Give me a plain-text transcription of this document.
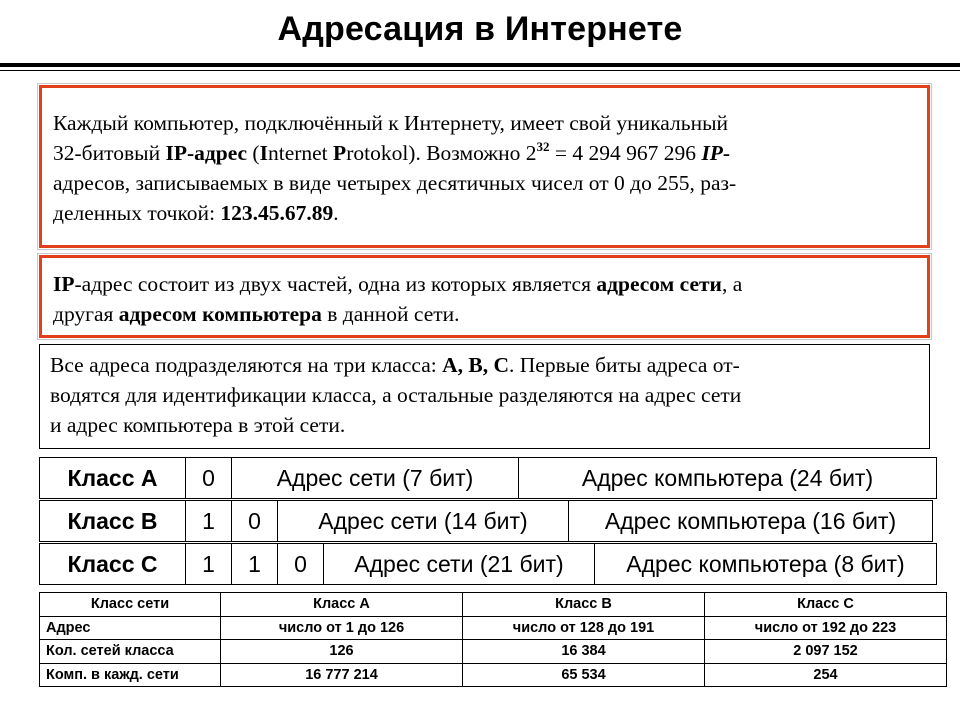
Адресация в Интернете
Каждый компьютер, подключённый к Интернету, имеет свой уникальный
32-битовый IP-адрес (Internet Protokol). Возможно $2^{32} = 4$ 294 967 296 IP-
адресов, записываемых в виде четырех десятичных чисел от 0 до 255, раз-
деленных точкой: 123.45.67.89.
IP-адрес состоит из двух частей, одна из которых является адресом сети, а
другая адресом компьютера в данной сети.
Все адреса подразделяются на три класса: A, B, C. Первые биты адреса от-
водятся для идентификации класса, а остальные разделяются на адрес сети
и адрес компьютера в этой сети.
Класс A	0	Адрес сети (7 бит)	Адрес компьютера (24 бит)
Класс B	1	0	Адрес сети (14 бит)	Адрес компьютера (16 бит)
Класс C	1	1	0	Адрес сети (21 бит)	Адрес компьютера (8 бит)
Класс сети	Класс A	Класс B	Класс C
Адрес	число от 1 до 126	число от 128 до 191	число от 192 до 223
Кол. сетей класса	126	16 384	2 097 152
Комп. в кажд. сети	16 777 214	65 534	254
